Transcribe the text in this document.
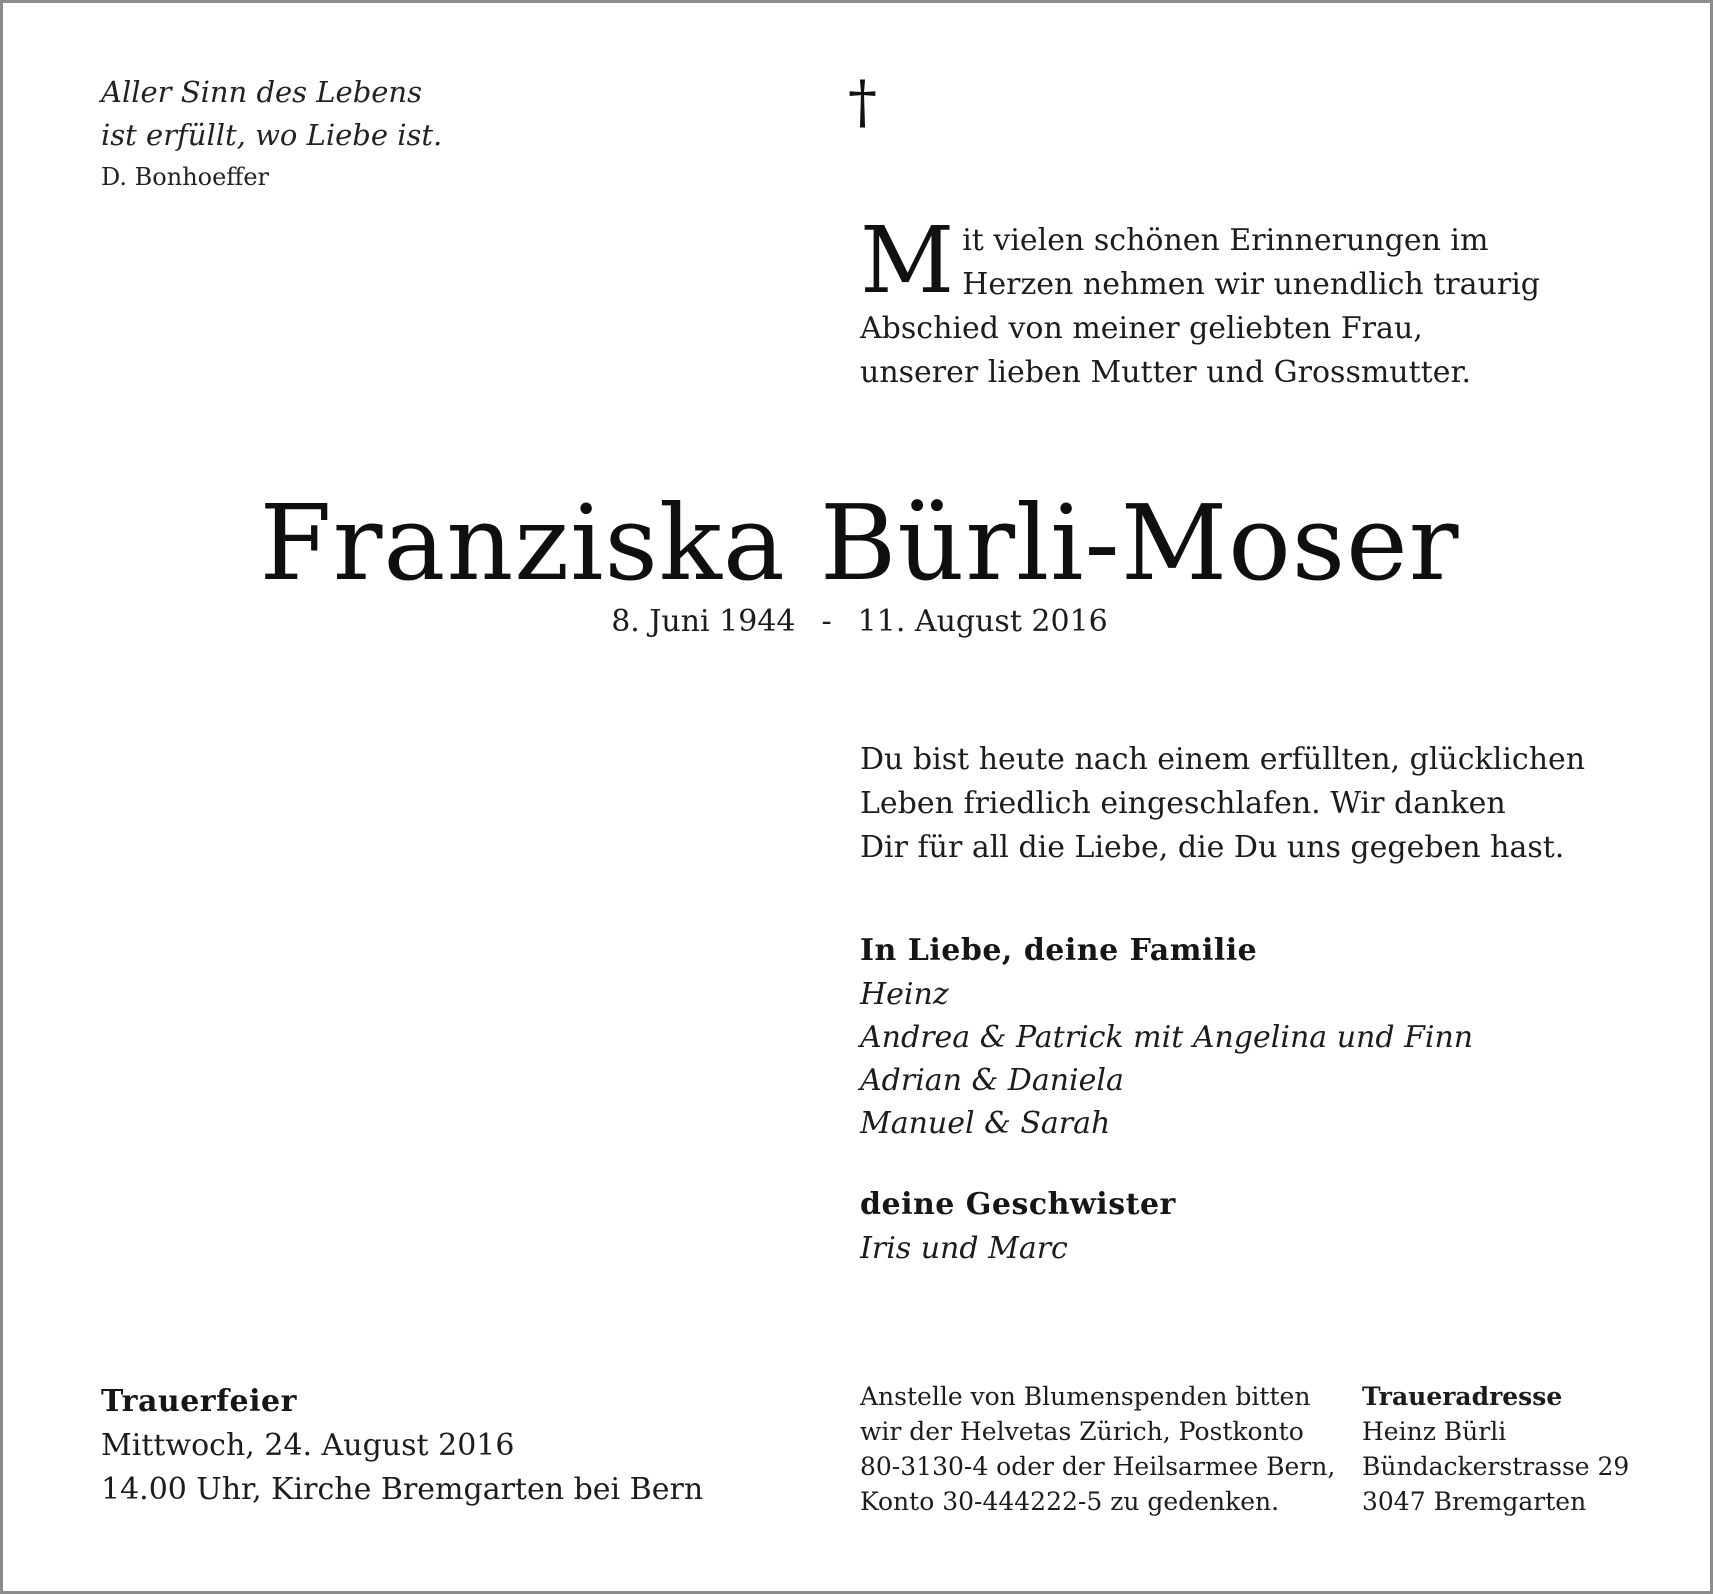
Aller Sinn des Lebens
ist erfüllt, wo Liebe ist.
D. Bonhoeffer
†
M it vielen schönen Erinnerungen im
Herzen nehmen wir unendlich traurig
Abschied von meiner geliebten Frau,
unserer lieben Mutter und Grossmutter.
Franziska Bürli-Moser
8. Juni 1944 - 11. August 2016
Du bist heute nach einem erfüllten, glücklichen
Leben friedlich eingeschlafen. Wir danken
Dir für all die Liebe, die Du uns gegeben hast.
In Liebe, deine Familie
Heinz
Andrea & Patrick mit Angelina und Finn
Adrian & Daniela
Manuel & Sarah
deine Geschwister
Iris und Marc
Trauerfeier
Mittwoch, 24. August 2016
14.00 Uhr, Kirche Bremgarten bei Bern
Anstelle von Blumenspenden bitten
wir der Helvetas Zürich, Postkonto
80-3130-4 oder der Heilsarmee Bern,
Konto 30-444222-5 zu gedenken.
Traueradresse
Heinz Bürli
Bündackerstrasse 29
3047 Bremgarten
